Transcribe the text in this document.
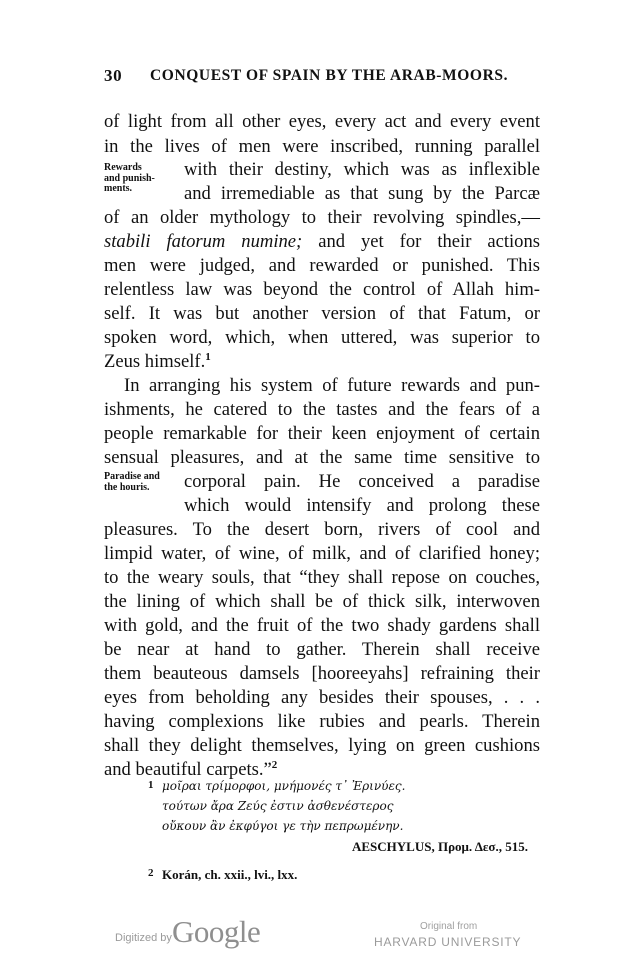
30 CONQUEST OF SPAIN BY THE ARAB-MOORS.
of light from all other eyes, every act and every event
in the lives of men were inscribed, running parallel
Rewards
and punish-
ments.
with their destiny, which was as inflexible
and irremediable as that sung by the Parcæ
of an older mythology to their revolving spindles,—
stabili fatorum numine; and yet for their actions
men were judged, and rewarded or punished. This
relentless law was beyond the control of Allah him-
self. It was but another version of that Fatum, or
spoken word, which, when uttered, was superior to
Zeus himself.$^1$
In arranging his system of future rewards and pun-
ishments, he catered to the tastes and the fears of a
people remarkable for their keen enjoyment of certain
sensual pleasures, and at the same time sensitive to
Paradise and
the houris.	corporal pain. He conceived a paradise
which would intensify and prolong these
pleasures. To the desert born, rivers of cool and
limpid water, of wine, of milk, and of clarified honey;
to the weary souls, that “they shall repose on couches,
the lining of which shall be of thick silk, interwoven
with gold, and the fruit of the two shady gardens shall
be near at hand to gather. Therein shall receive
them beauteous damsels [hooreeyahs] refraining their
eyes from beholding any besides their spouses, . . .
having complexions like rubies and pearls. Therein
shall they delight themselves, lying on green cushions
and beautiful carpets.”$^2$
1 μοῖραι τρίμορφοι, μνήμονές τ᾽ Ἐρινύες.
τούτων ἄρα Ζεύς ἐστιν ἀσθενέστερος
οὔκουν ἂν ἐκφύγοι γε τὴν πεπρωμένην.
AESCHYLUS, Προμ. Δεσ., 515.
2 Korán, ch. xxii., lvi., lxx.
Digitized by Google	Original from
HARVARD UNIVERSITY
